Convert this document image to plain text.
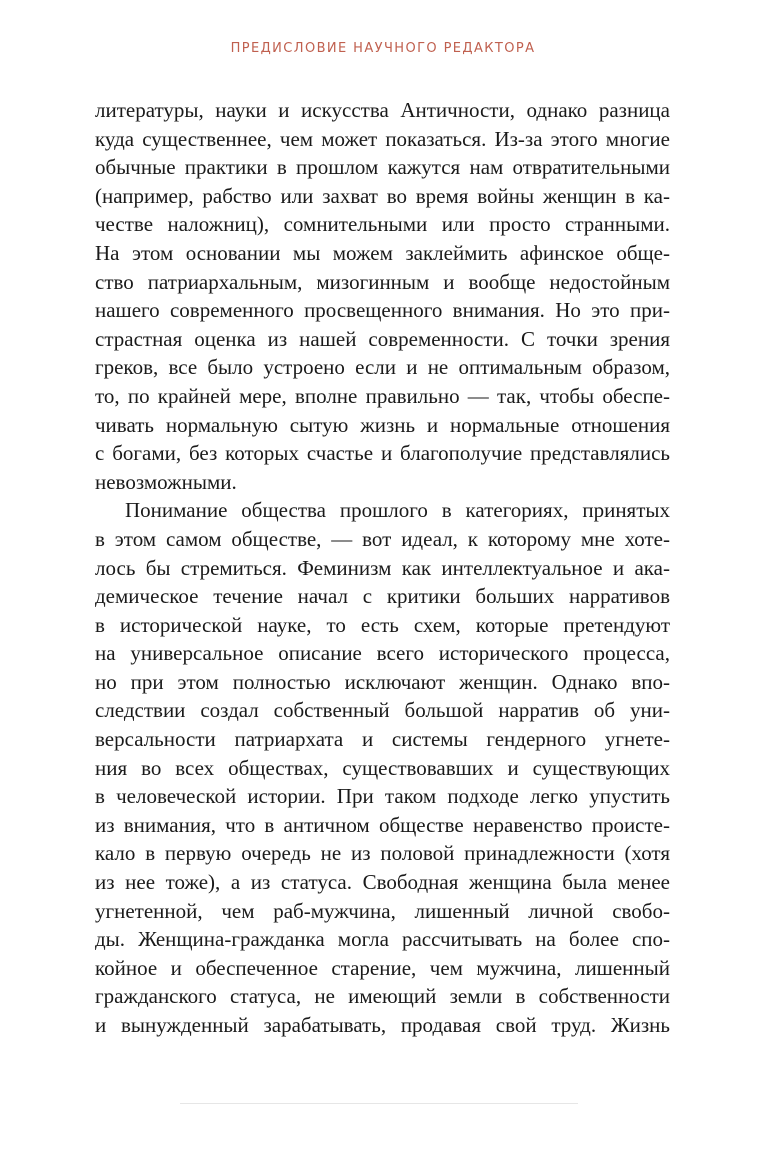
ПРЕДИСЛОВИЕ НАУЧНОГО РЕДАКТОРА
литературы, науки и искусства Античности, однако разница
куда существеннее, чем может показаться. Из-за этого многие
обычные практики в прошлом кажутся нам отвратительными
(например, рабство или захват во время войны женщин в ка-
честве наложниц), сомнительными или просто странными.
На этом основании мы можем заклеймить афинское обще-
ство патриархальным, мизогинным и вообще недостойным
нашего современного просвещенного внимания. Но это при-
страстная оценка из нашей современности. С точки зрения
греков, все было устроено если и не оптимальным образом,
то, по крайней мере, вполне правильно — так, чтобы обеспе-
чивать нормальную сытую жизнь и нормальные отношения
с богами, без которых счастье и благополучие представлялись
невозможными.
Понимание общества прошлого в категориях, принятых
в этом самом обществе, — вот идеал, к которому мне хоте-
лось бы стремиться. Феминизм как интеллектуальное и ака-
демическое течение начал с критики больших нарративов
в исторической науке, то есть схем, которые претендуют
на универсальное описание всего исторического процесса,
но при этом полностью исключают женщин. Однако впо-
следствии создал собственный большой нарратив об уни-
версальности патриархата и системы гендерного угнете-
ния во всех обществах, существовавших и существующих
в человеческой истории. При таком подходе легко упустить
из внимания, что в античном обществе неравенство проистe-
кало в первую очередь не из половой принадлежности (хотя
из нее тоже), а из статуса. Свободная женщина была менее
угнетенной, чем раб-мужчина, лишенный личной свобо-
ды. Женщина-гражданка могла рассчитывать на более спо-
койное и обеспеченное старение, чем мужчина, лишенный
гражданского статуса, не имеющий земли в собственности
и вынужденный зарабатывать, продавая свой труд. Жизнь
